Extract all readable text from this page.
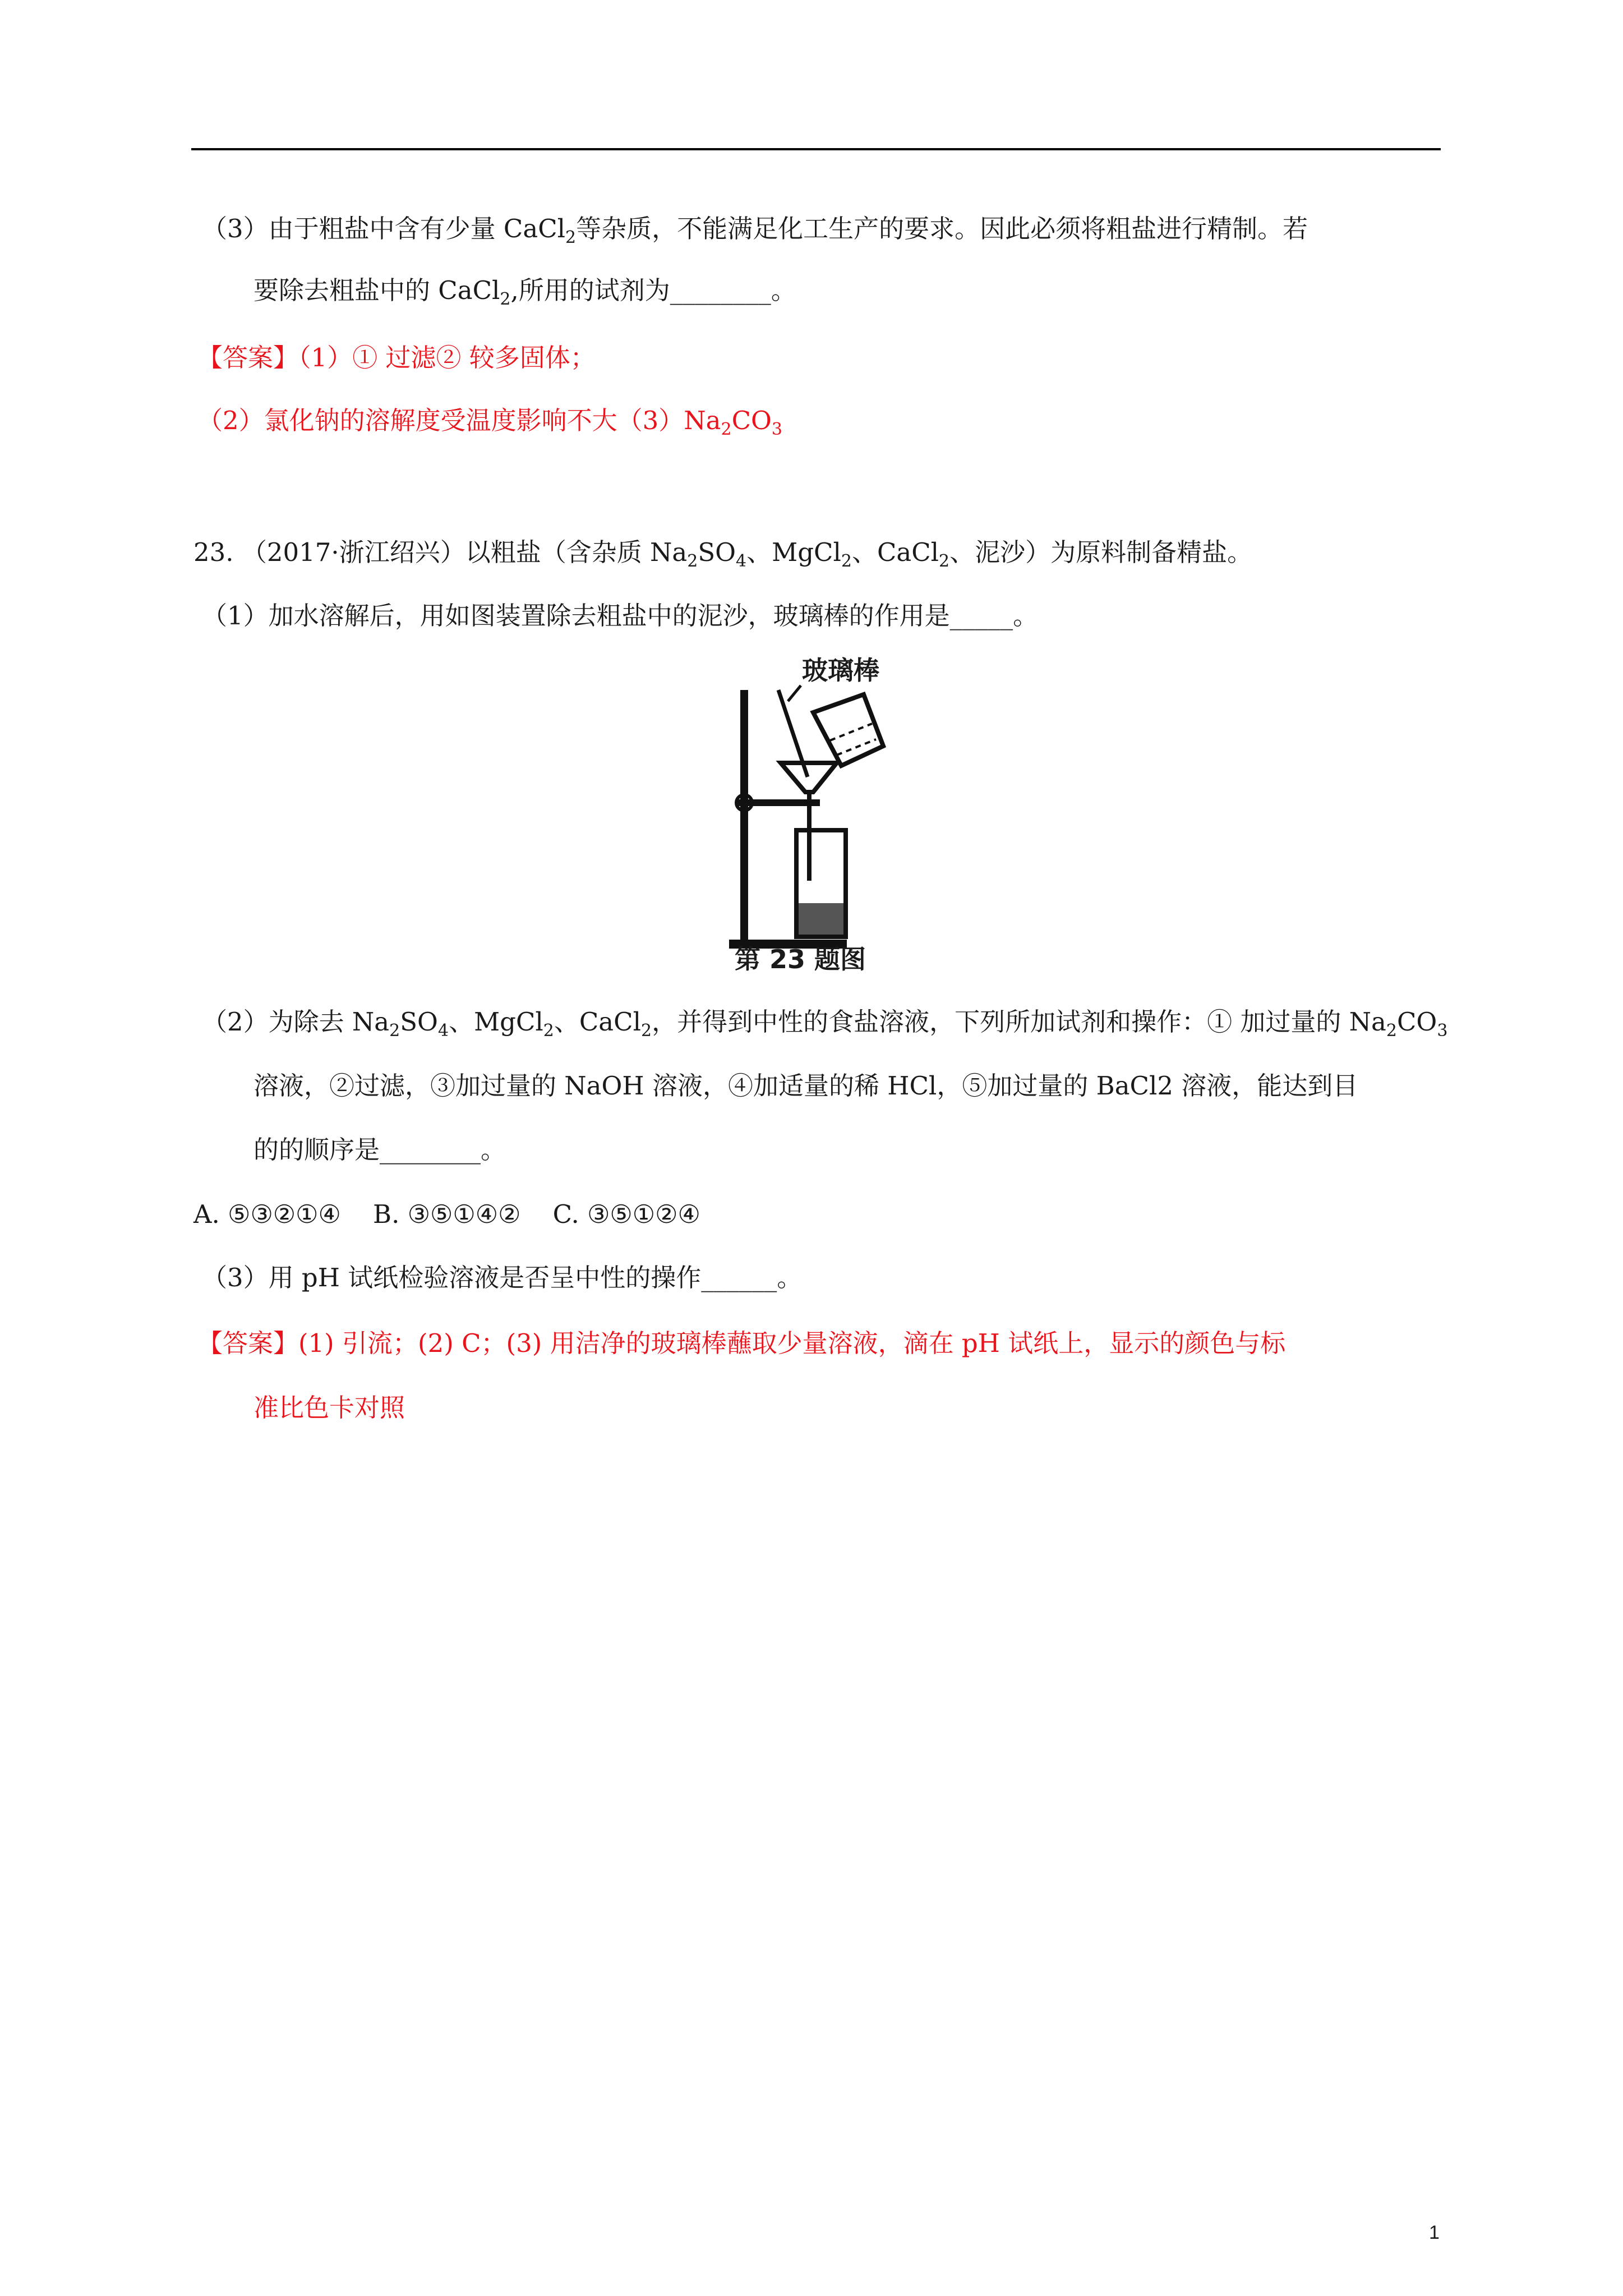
（3）由于粗盐中含有少量 CaCl$_2$等杂质，不能满足化工生产的要求。因此必须将粗盐进行精制。若
要除去粗盐中的 CaCl$_2$,所用的试剂为________。
【答案】（1）① 过滤② 较多固体；
（2）氯化钠的溶解度受温度影响不大$(3)Na_2CO_3$
23. （2017·浙江绍兴）以粗盐（含杂质 $Na_2SO_4$、MgCl$_2$、CaCl$_2$、泥沙）为原料制备精盐。
（1）加水溶解后，用如图装置除去粗盐中的泥沙，玻璃棒的作用是_____。
玻璃棒
第 23 题图
（2）为除去 $Na_2SO_4$、MgCl$_2$、CaCl$_2$，并得到中性的食盐溶液，下列所加试剂和操作：① 加过量的 $Na_2CO_3$
溶液，②过滤，③加过量的 NaOH 溶液，④加适量的稀 HCl，⑤加过量的 BaCl2 溶液，能达到目
的的顺序是________。
A. ⑤③②①④    B. ③⑤①④②    C. ③⑤①②④
（3）用 pH 试纸检验溶液是否呈中性的操作______。
【答案】(1) 引流；(2) C；(3) 用洁净的玻璃棒蘸取少量溶液，滴在 pH 试纸上，显示的颜色与标
准比色卡对照
1
